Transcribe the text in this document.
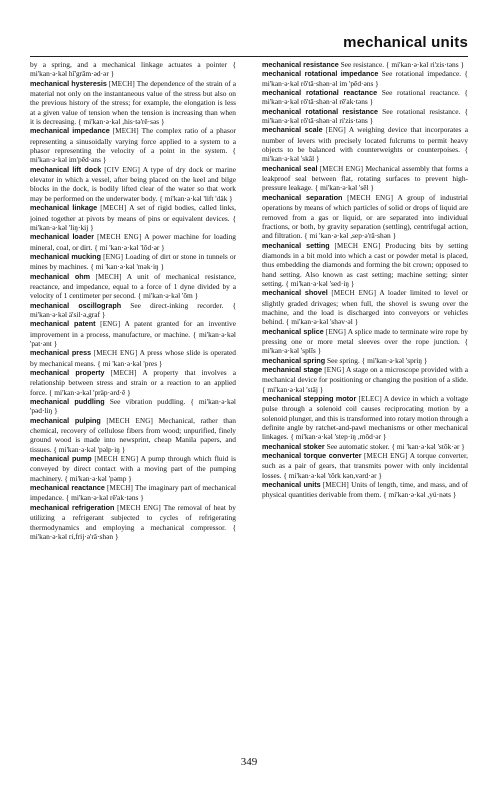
mechanical units

by a spring, and a mechanical linkage actuates a pointer { mi'kan·ə·kəl hĭ'grām·əd·ər }

mechanical hysteresis [MECH] The dependence of the strain of a material not only on the instantaneous value of the stress but also on the previous history of the stress; for example, the elongation is less at a given value of tension when the tension is increasing than when it is decreasing. { mi'kan·ə·kəl ,his·tə'rē·səs }

mechanical impedance [MECH] The complex ratio of a phasor representing a sinusoidally varying force applied to a system to a phasor representing the velocity of a point in the system. { mi'kan·ə·kəl im'pēd·əns }

mechanical lift dock [CIV ENG] A type of dry dock or marine elevator in which a vessel, after being placed on the keel and bilge blocks in the dock, is bodily lifted clear of the water so that work may be performed on the underwater body. { mi'kan·ə·kəl 'lift 'däk }

mechanical linkage [MECH] A set of rigid bodies, called links, joined together at pivots by means of pins or equivalent devices. { mi'kan·ə·kəl 'liŋ·kij }

mechanical loader [MECH ENG] A power machine for loading mineral, coal, or dirt. { mi 'kan·ə·kəl 'lōd·ər }

mechanical mucking [ENG] Loading of dirt or stone in tunnels or mines by machines. { mi 'kan·ə·kəl 'mək·iŋ }

mechanical ohm [MECH] A unit of mechanical resistance, reactance, and impedance, equal to a force of 1 dyne divided by a velocity of 1 centimeter per second. { mi'kan·ə·kəl 'ōm }

mechanical oscillograph See direct-inking recorder. { mi'kan·ə·kəl ä'sil·ə,graf }

mechanical patent [ENG] A patent granted for an inventive improvement in a process, manufacture, or machine. { mi'kan·ə·kəl 'pat·ənt }

mechanical press [MECH ENG] A press whose slide is operated by mechanical means. { mi 'kan·ə·kəl 'pres }

mechanical property [MECH] A property that involves a relationship between stress and strain or a reaction to an applied force. { mi'kan·ə·kəl 'präp·ərd·ē }

mechanical puddling See vibration puddling. { mi'kan·ə·kəl 'pəd·liŋ }

mechanical pulping [MECH ENG] Mechanical, rather than chemical, recovery of cellulose fibers from wood; unpurified, finely ground wood is made into newsprint, cheap Manila papers, and tissues. { mi'kan·ə·kəl 'pəlp·iŋ }

mechanical pump [MECH ENG] A pump through which fluid is conveyed by direct contact with a moving part of the pumping machinery. { mi'kan·ə·kəl 'pəmp }

mechanical reactance [MECH] The imaginary part of mechanical impedance. { mi'kan·ə·kəl rē'ak·təns }

mechanical refrigeration [MECH ENG] The removal of heat by utilizing a refrigerant subjected to cycles of refrigerating thermodynamics and employing a mechanical compressor. { mi'kan·ə·kəl ri,frij·ə'rā·shən }

mechanical resistance See resistance. { mi'kan·ə·kəl ri'zis·təns }

mechanical rotational impedance See rotational impedance. { mi'kan·ə·kəl rō'tā·shən·əl im 'pēd·əns }

mechanical rotational reactance See rotational reactance. { mi'kan·ə·kəl rō'tā·shən·əl rē'ak·təns }

mechanical rotational resistance See rotational resistance. { mi'kan·ə·kəl rō'tā·shən·əl ri'zis·təns }

mechanical scale [ENG] A weighing device that incorporates a number of levers with precisely located fulcrums to permit heavy objects to be balanced with counterweights or counterpoises. { mi'kan·ə·kəl 'skāl }

mechanical seal [MECH ENG] Mechanical assembly that forms a leakproof seal between flat, rotating surfaces to prevent high-pressure leakage. { mi'kan·ə·kəl 'sēl }

mechanical separation [MECH ENG] A group of industrial operations by means of which particles of solid or drops of liquid are removed from a gas or liquid, or are separated into individual fractions, or both, by gravity separation (settling), centrifugal action, and filtration. { mi 'kan·ə·kəl ,sep·ə'rā·shən }

mechanical setting [MECH ENG] Producing bits by setting diamonds in a bit mold into which a cast or powder metal is placed, thus embedding the diamonds and forming the bit crown; opposed to hand setting. Also known as cast setting; machine setting; sinter setting. { mi'kan·ə·kəl 'sed·iŋ }

mechanical shovel [MECH ENG] A loader limited to level or slightly graded drivages; when full, the shovel is swung over the machine, and the load is discharged into conveyors or vehicles behind. { mi'kan·ə·kəl 'shəv·əl }

mechanical splice [ENG] A splice made to terminate wire rope by pressing one or more metal sleeves over the rope junction. { mi'kan·ə·kəl 'splīs }

mechanical spring See spring. { mi'kan·ə·kəl 'spriŋ }

mechanical stage [ENG] A stage on a microscope provided with a mechanical device for positioning or changing the position of a slide. { mi'kan·ə·kəl 'stāj }

mechanical stepping motor [ELEC] A device in which a voltage pulse through a solenoid coil causes reciprocating motion by a solenoid plunger, and this is transformed into rotary motion through a definite angle by ratchet-and-pawl mechanisms or other mechanical linkages. { mi'kan·ə·kəl 'step·iŋ ,mōd·ər }

mechanical stoker See automatic stoker. { mi 'kan·ə·kəl 'stōk·ər }

mechanical torque converter [MECH ENG] A torque converter, such as a pair of gears, that transmits power with only incidental losses. { mi'kan·ə·kəl 'tōrk kən,vərd·ər }

mechanical units [MECH] Units of length, time, and mass, and of physical quantities derivable from them. { mi'kan·ə·kəl ,yü·nəts }

349
